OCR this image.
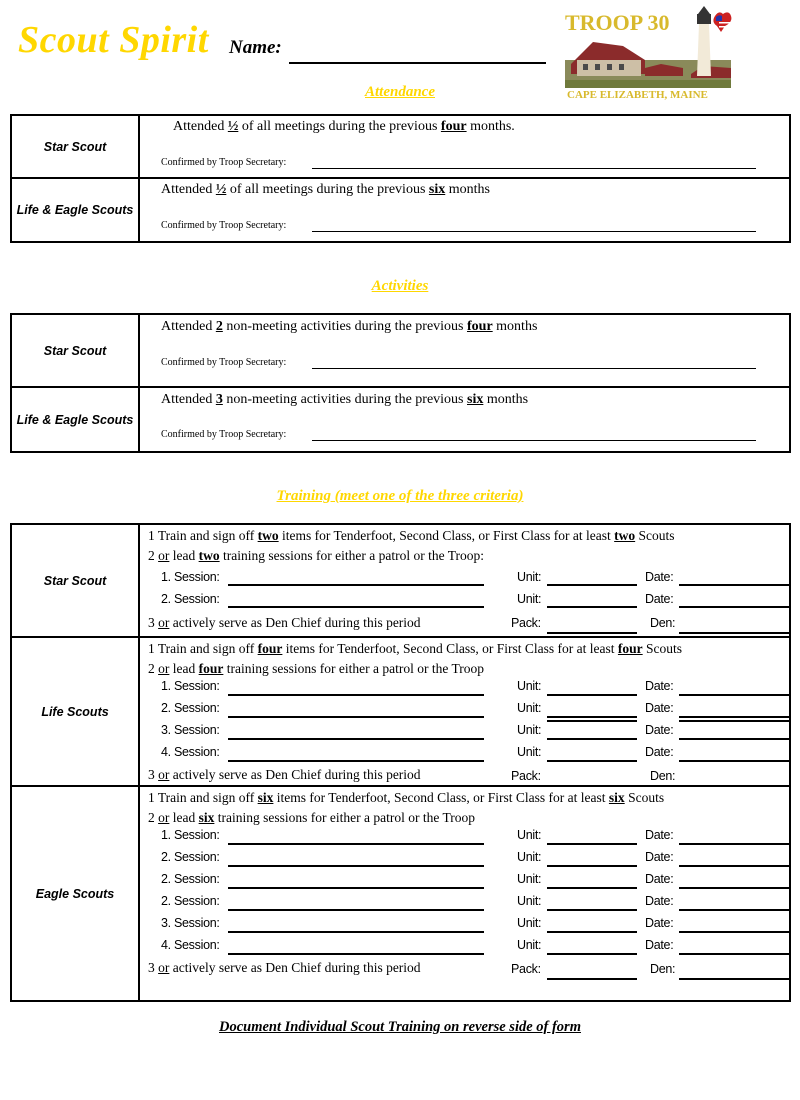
Scout Spirit Name:
TROOP 30
CAPE ELIZABETH, MAINE
Attendance
Star Scout
Attended ½ of all meetings during the previous four months.
Confirmed by Troop Secretary:
Life & Eagle Scouts
Attended ½ of all meetings during the previous six months
Confirmed by Troop Secretary:
Activities
Star Scout
Attended 2 non-meeting activities during the previous four months
Confirmed by Troop Secretary:
Life & Eagle Scouts
Attended 3 non-meeting activities during the previous six months
Confirmed by Troop Secretary:
Training (meet one of the three criteria)
Star Scout
1 Train and sign off two items for Tenderfoot, Second Class, or First Class for at least two Scouts
2 or lead two training sessions for either a patrol or the Troop:
1. Session:	Unit:	Date:
2. Session:	Unit:	Date:
3 or actively serve as Den Chief during this period	Pack:	Den:
Life Scouts
1 Train and sign off four items for Tenderfoot, Second Class, or First Class for at least four Scouts
2 or lead four training sessions for either a patrol or the Troop
1. Session:	Unit:	Date:
2. Session:	Unit:	Date:
3. Session:	Unit:	Date:
4. Session:	Unit:	Date:
3 or actively serve as Den Chief during this period	Pack:	Den:
Eagle Scouts
1 Train and sign off six items for Tenderfoot, Second Class, or First Class for at least six Scouts
2 or lead six training sessions for either a patrol or the Troop
1. Session:	Unit:	Date:
2. Session:	Unit:	Date:
2. Session:	Unit:	Date:
2. Session:	Unit:	Date:
3. Session:	Unit:	Date:
4. Session:	Unit:	Date:
3 or actively serve as Den Chief during this period	Pack:	Den:
Document Individual Scout Training on reverse side of form
